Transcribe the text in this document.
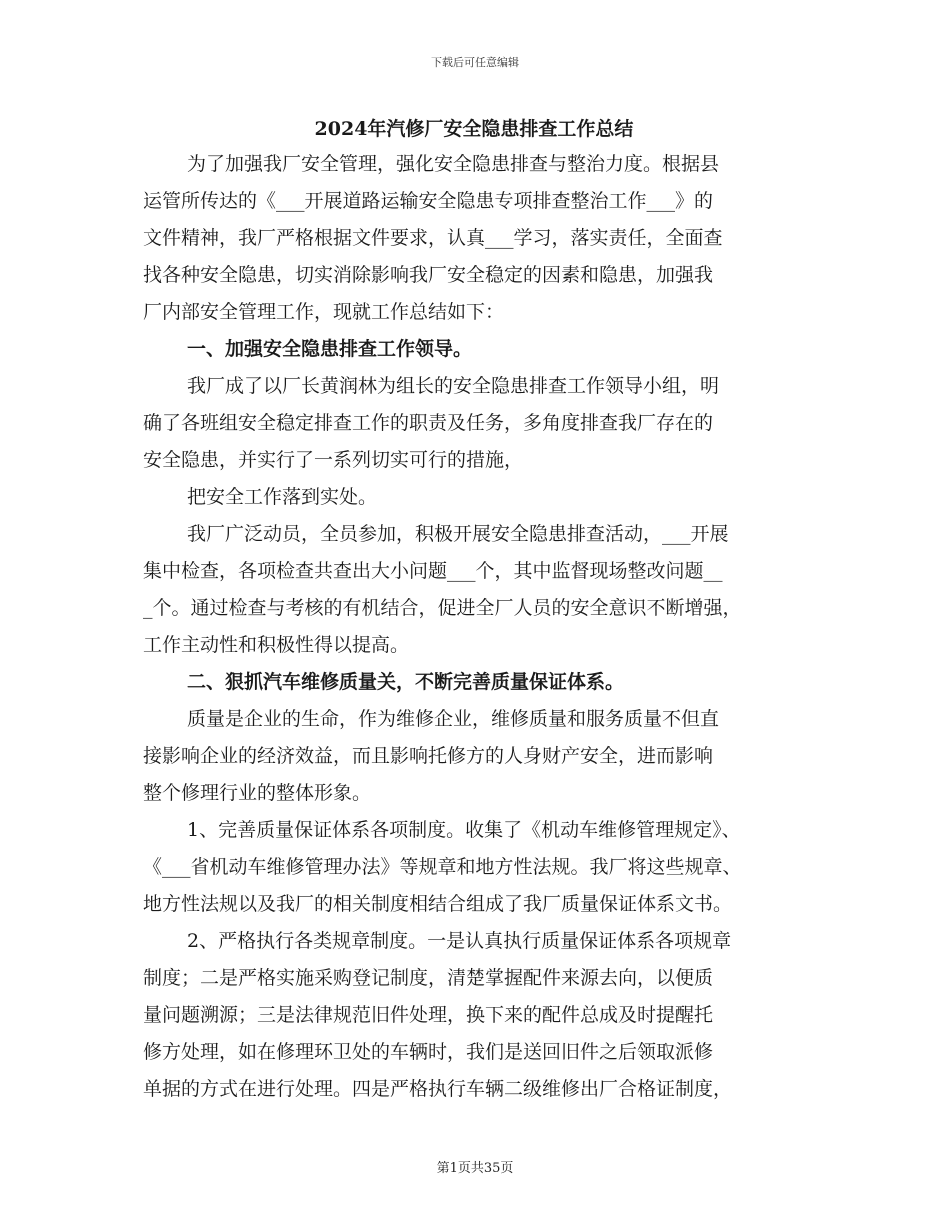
下载后可任意编辑
2024年汽修厂安全隐患排查工作总结

为了加强我厂安全管理，强化安全隐患排查与整治力度。根据县

运管所传达的《___开展道路运输安全隐患专项排查整治工作___》的

文件精神，我厂严格根据文件要求，认真___学习，落实责任，全面查

找各种安全隐患，切实消除影响我厂安全稳定的因素和隐患，加强我

厂内部安全管理工作，现就工作总结如下：

一、加强安全隐患排查工作领导。

我厂成了以厂长黄润林为组长的安全隐患排查工作领导小组，明

确了各班组安全稳定排查工作的职责及任务，多角度排查我厂存在的

安全隐患，并实行了一系列切实可行的措施，

把安全工作落到实处。

我厂广泛动员，全员参加，积极开展安全隐患排查活动，___开展

集中检查，各项检查共查出大小问题___个，其中监督现场整改问题__

_个。通过检查与考核的有机结合，促进全厂人员的安全意识不断增强，

工作主动性和积极性得以提高。

二、狠抓汽车维修质量关，不断完善质量保证体系。

质量是企业的生命，作为维修企业，维修质量和服务质量不但直

接影响企业的经济效益，而且影响托修方的人身财产安全，进而影响

整个修理行业的整体形象。

1、完善质量保证体系各项制度。收集了《机动车维修管理规定》、

《___省机动车维修管理办法》等规章和地方性法规。我厂将这些规章、

地方性法规以及我厂的相关制度相结合组成了我厂质量保证体系文书。

2、严格执行各类规章制度。一是认真执行质量保证体系各项规章

制度；二是严格实施采购登记制度，清楚掌握配件来源去向，以便质

量问题溯源；三是法律规范旧件处理，换下来的配件总成及时提醒托

修方处理，如在修理环卫处的车辆时，我们是送回旧件之后领取派修

单据的方式在进行处理。四是严格执行车辆二级维修出厂合格证制度，

第1页共35页
